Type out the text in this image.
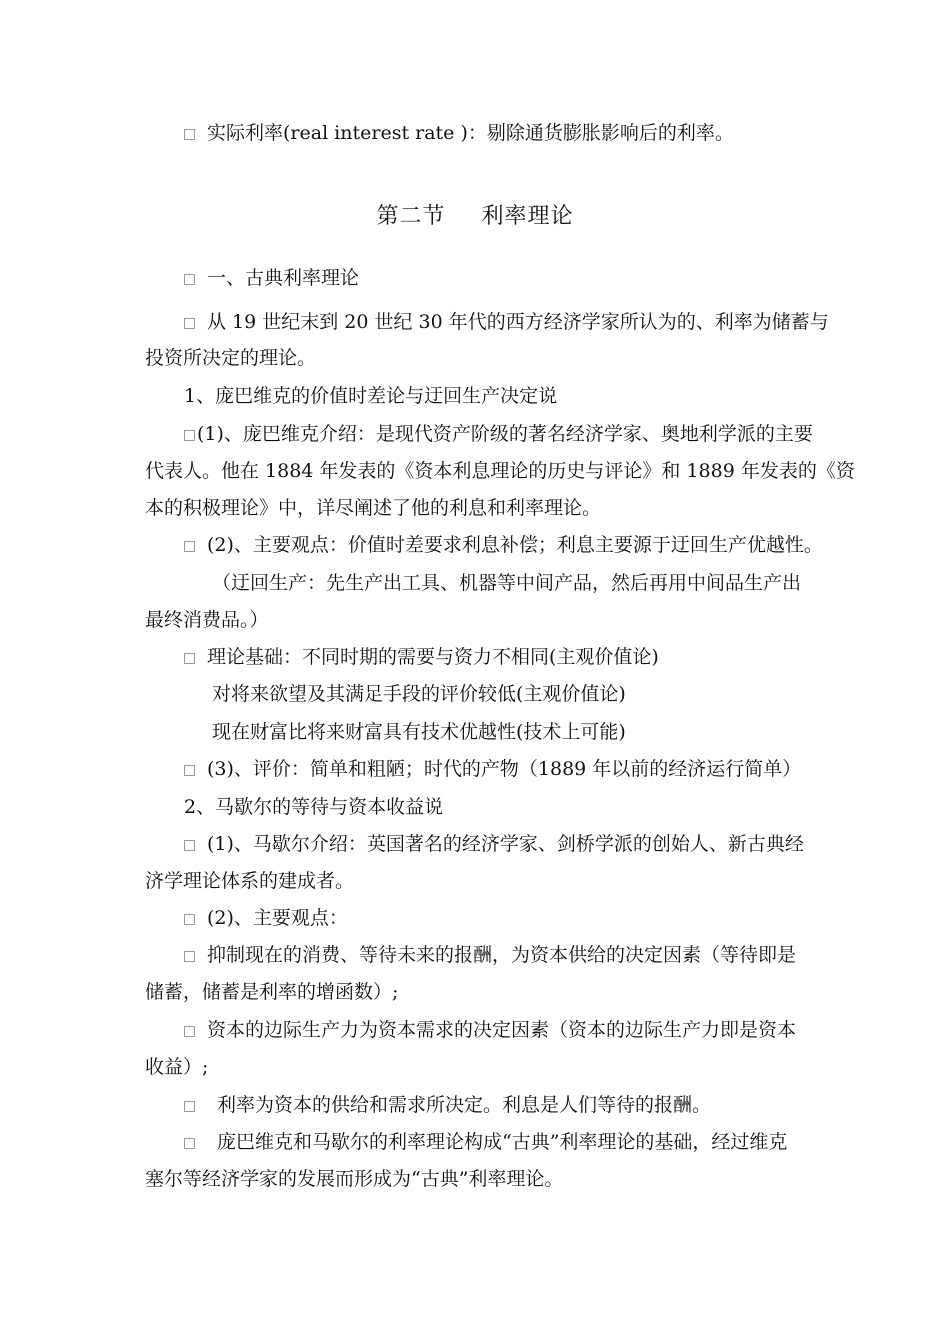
实际利率(real interest rate )：剔除通货膨胀影响后的利率。
第二节 利率理论
一、古典利率理论
从 19 世纪末到 20 世纪 30 年代的西方经济学家所认为的、利率为储蓄与
投资所决定的理论。
1、庞巴维克的价值时差论与迂回生产决定说
(1)、庞巴维克介绍：是现代资产阶级的著名经济学家、奥地利学派的主要
代表人。他在 1884 年发表的《资本利息理论的历史与评论》和 1889 年发表的《资
本的积极理论》中，详尽阐述了他的利息和利率理论。
(2)、主要观点：价值时差要求利息补偿；利息主要源于迂回生产优越性。
（迂回生产：先生产出工具、机器等中间产品，然后再用中间品生产出
最终消费品。）
理论基础：不同时期的需要与资力不相同(主观价值论)
对将来欲望及其满足手段的评价较低(主观价值论)
现在财富比将来财富具有技术优越性(技术上可能)
(3)、评价：简单和粗陋；时代的产物（1889 年以前的经济运行简单）
2、马歇尔的等待与资本收益说
(1)、马歇尔介绍：英国著名的经济学家、剑桥学派的创始人、新古典经
济学理论体系的建成者。
(2)、主要观点：
抑制现在的消费、等待未来的报酬，为资本供给的决定因素（等待即是
储蓄，储蓄是利率的增函数）;
资本的边际生产力为资本需求的决定因素（资本的边际生产力即是资本
收益）;
利率为资本的供给和需求所决定。利息是人们等待的报酬。
庞巴维克和马歇尔的利率理论构成“古典”利率理论的基础，经过维克
塞尔等经济学家的发展而形成为“古典”利率理论。
